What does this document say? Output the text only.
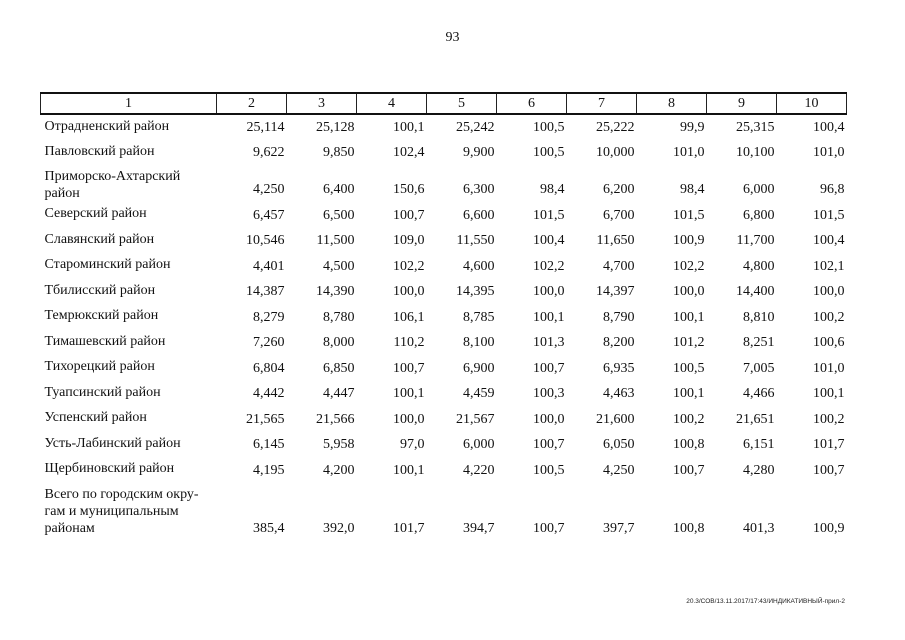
93
1	2	3	4	5	6	7	8	9	10

Отрадненский район	25,114	25,128	100,1	25,242	100,5	25,222	99,9	25,315	100,4

Павловский район	9,622	9,850	102,4	9,900	100,5	10,000	101,0	10,100	101,0

Приморско-Ахтарский
район	4,250	6,400	150,6	6,300	98,4	6,200	98,4	6,000	96,8

Северский район	6,457	6,500	100,7	6,600	101,5	6,700	101,5	6,800	101,5

Славянский район	10,546	11,500	109,0	11,550	100,4	11,650	100,9	11,700	100,4

Староминский район	4,401	4,500	102,2	4,600	102,2	4,700	102,2	4,800	102,1

Тбилисский район	14,387	14,390	100,0	14,395	100,0	14,397	100,0	14,400	100,0

Темрюкский район	8,279	8,780	106,1	8,785	100,1	8,790	100,1	8,810	100,2

Тимашевский район	7,260	8,000	110,2	8,100	101,3	8,200	101,2	8,251	100,6

Тихорецкий район	6,804	6,850	100,7	6,900	100,7	6,935	100,5	7,005	101,0

Туапсинский район	4,442	4,447	100,1	4,459	100,3	4,463	100,1	4,466	100,1

Успенский район	21,565	21,566	100,0	21,567	100,0	21,600	100,2	21,651	100,2

Усть-Лабинский район	6,145	5,958	97,0	6,000	100,7	6,050	100,8	6,151	101,7

Щербиновский район	4,195	4,200	100,1	4,220	100,5	4,250	100,7	4,280	100,7

Всего по городским окру-
гам и муниципальным
районам	385,4	392,0	101,7	394,7	100,7	397,7	100,8	401,3	100,9
20.3/СОВ/13.11.2017/17:43/ИНДИКАТИВНЫЙ-прил-2
